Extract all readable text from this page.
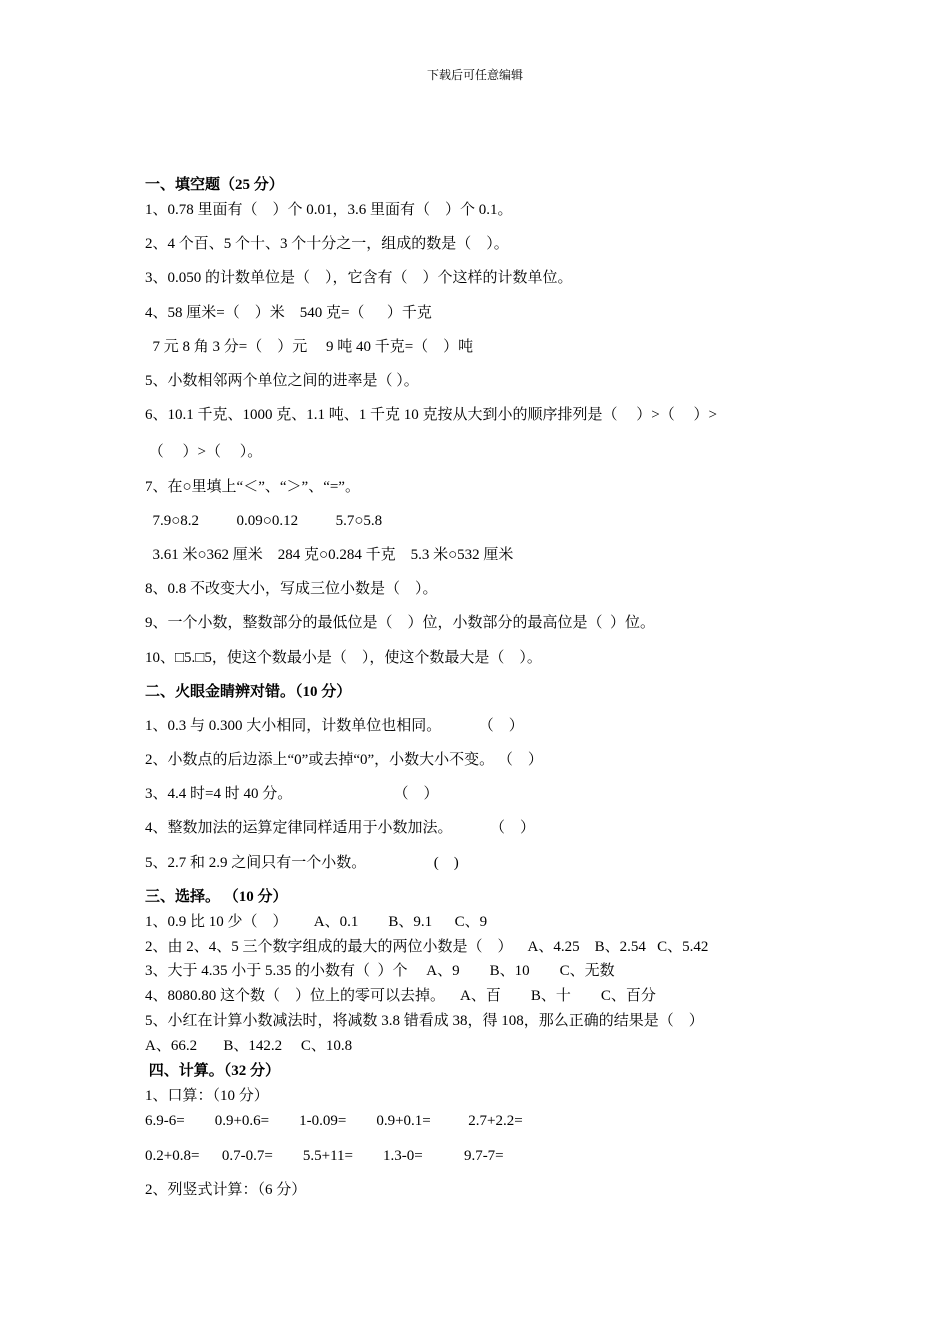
下载后可任意编辑
一、填空题（25 分）
1、0.78 里面有（    ）个 0.01，3.6 里面有（    ）个 0.1。
2、4 个百、5 个十、3 个十分之一，组成的数是（    ）。
3、0.050 的计数单位是（    ），它含有（    ）个这样的计数单位。
4、58 厘米=（    ）米    540 克=（      ）千克
7 元 8 角 3 分=（    ）元     9 吨 40 千克=（    ）吨
5、小数相邻两个单位之间的进率是（ ）。
6、10.1 千克、1000 克、1.1 吨、1 千克 10 克按从大到小的顺序排列是（     ）>（     ）>
（     ）>（     ）。
7、在○里填上“＜”、“＞”、“=”。
7.9○8.2          0.09○0.12          5.7○5.8
3.61 米○362 厘米    284 克○0.284 千克    5.3 米○532 厘米
8、0.8 不改变大小，写成三位小数是（    ）。
9、一个小数，整数部分的最低位是（    ）位，小数部分的最高位是（  ）位。
10、□5.□5，使这个数最小是（    ），使这个数最大是（    ）。
二、火眼金睛辨对错。（10 分）
1、0.3 与 0.300 大小相同，计数单位也相同。          （    ）
2、小数点的后边添上“0”或去掉“0”，小数大小不变。 （    ）
3、4.4 时=4 时 40 分。                           （    ）
4、整数加法的运算定律同样适用于小数加法。          （    ）
5、2.7 和 2.9 之间只有一个小数。                  (    )
三、选择。 （10 分）
1、0.9 比 10 少（    ）       A、0.1        B、9.1      C、9
2、由 2、4、5 三个数字组成的最大的两位小数是（    ）    A、4.25    B、2.54   C、5.42
3、大于 4.35 小于 5.35 的小数有（  ）个     A、9        B、10        C、无数
4、8080.80 这个数（    ）位上的零可以去掉。    A、百        B、十        C、百分
5、小红在计算小数减法时，将减数 3.8 错看成 38，得 108，那么正确的结果是（    ）
A、66.2       B、142.2     C、10.8
四、计算。（32 分）
1、口算：（10 分）
6.9-6=        0.9+0.6=        1-0.09=        0.9+0.1=          2.7+2.2=
0.2+0.8=      0.7-0.7=        5.5+11=        1.3-0=           9.7-7=
2、列竖式计算：（6 分）
